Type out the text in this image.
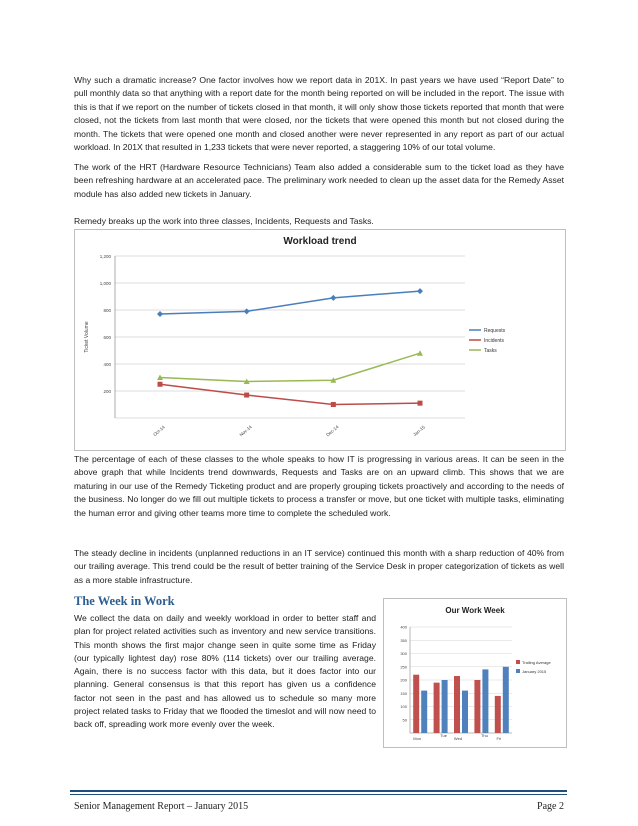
Why such a dramatic increase? One factor involves how we report data in 201X. In past years we have used “Report Date” to pull monthly data so that anything with a report date for the month being reported on will be included in the report. The issue with this is that if we report on the number of tickets closed in that month, it will only show those tickets reported that month that were closed, not the tickets from last month that were closed, nor the tickets that were opened this month but not closed during the month. The tickets that were opened one month and closed another were never represented in any report as part of our actual workload. In 201X that resulted in 1,233 tickets that were never reported, a staggering 10% of our total volume.

The work of the HRT (Hardware Resource Technicians) Team also added a considerable sum to the ticket load as they have been refreshing hardware at an accelerated pace. The preliminary work needed to clean up the asset data for the Remedy Asset module has also added new tickets in January.

Remedy breaks up the work into three classes, Incidents, Requests and Tasks.

Workload trend
200
400
600
800
1,000
1,200
Ticket Volume
Oct-14	Nov-14	Dec-14	Jan-15
Requests
Incidents
Tasks

The percentage of each of these classes to the whole speaks to how IT is progressing in various areas. It can be seen in the above graph that while Incidents trend downwards, Requests and Tasks are on an upward climb. This shows that we are maturing in our use of the Remedy Ticketing product and are properly grouping tickets proactively and according to the needs of the business. No longer do we fill out multiple tickets to process a transfer or move, but one ticket with multiple tasks, eliminating the human error and giving other teams more time to complete the scheduled work.

The steady decline in incidents (unplanned reductions in an IT service) continued this month with a sharp reduction of 40% from our trailing average. This trend could be the result of better training of the Service Desk in proper categorization of tickets as well as a more stable infrastructure.

The Week in Work

We collect the data on daily and weekly workload in order to better staff and plan for project related activities such as inventory and new service transitions. This month shows the first major change seen in quite some time as Friday (our typically lightest day) rose 80% (114 tickets) over our trailing average. Again, there is no success factor with this data, but it does factor into our planning. General consensus is that this report has given us a confidence factor not seen in the past and has allowed us to schedule so many more project related tasks to Friday that we flooded the timeslot and will now need to back off, spreading work more evenly over the week.

Our Work Week
50
100
150
200
250
300
350
400
Mon
Tue
Wed
Thu
Fri
Trailing Average
January 2015
Senior Management Report – January 2015	Page 2
